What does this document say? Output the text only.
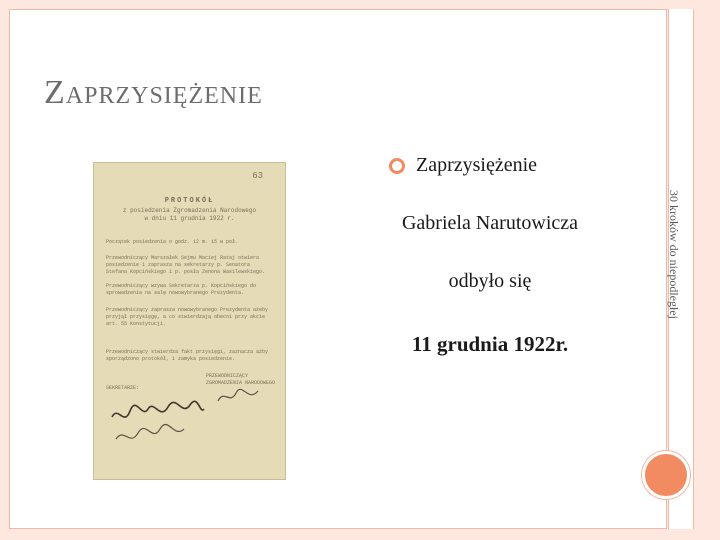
30 kroków do niepodległej
Zaprzysiężenie
63
PROTOKÓŁ
z posiedzenia Zgromadzenia Narodowego
w dniu 11 grudnia 1922 r.
Początek posiedzenia o godz. 12 m. 15 w poł.
Przewodniczący Marszałek Sejmu Maciej Rataj otwiera posiedzenie i zaprasza na sekretarzy p. Senatora Stefana Kopcińskiego i p. posła Zenona Wasilewskiego.
Przewodniczący wzywa Sekretarza p. Kopcińskiego do sprowadzenia na salę nowowybranego Prezydenta.
Przewodniczący zaprasza nowowybranego Prezydenta ażeby przyjął przysięgę, a co stwierdzają obecni przy akcie art. 55 Konstytucji.
Przewodniczący stwierdza fakt przysięgi, zaznacza ażby sporządzono protokół, i zamyka posiedzenie.
PRZEWODNICZĄCY ZGROMADZENIA NARODOWEGO
SEKRETARZE:
Zaprzysiężenie
Gabriela Narutowicza
odbyło się
11 grudnia 1922r.
